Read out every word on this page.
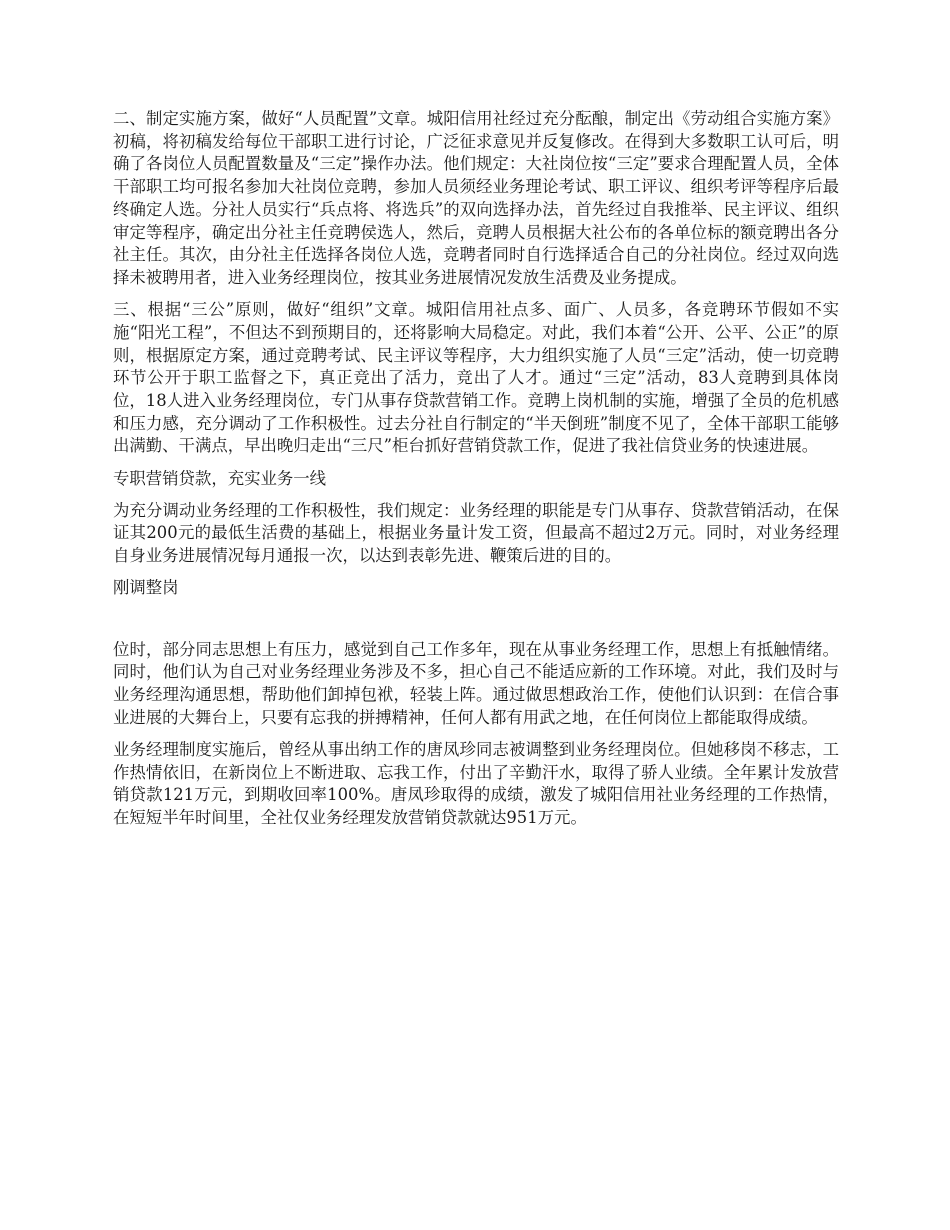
二、制定实施方案，做好“人员配置”文章。城阳信用社经过充分酝酿，制定出《劳动组合实施方案》初稿，将初稿发给每位干部职工进行讨论，广泛征求意见并反复修改。在得到大多数职工认可后，明确了各岗位人员配置数量及“三定”操作办法。他们规定：大社岗位按“三定”要求合理配置人员，全体干部职工均可报名参加大社岗位竞聘，参加人员须经业务理论考试、职工评议、组织考评等程序后最终确定人选。分社人员实行“兵点将、将选兵”的双向选择办法，首先经过自我推举、民主评议、组织审定等程序，确定出分社主任竞聘侯选人，然后，竞聘人员根据大社公布的各单位标的额竞聘出各分社主任。其次，由分社主任选择各岗位人选，竞聘者同时自行选择适合自己的分社岗位。经过双向选择未被聘用者，进入业务经理岗位，按其业务进展情况发放生活费及业务提成。

三、根据“三公”原则，做好“组织”文章。城阳信用社点多、面广、人员多，各竞聘环节假如不实施“阳光工程”，不但达不到预期目的，还将影响大局稳定。对此，我们本着“公开、公平、公正”的原则，根据原定方案，通过竞聘考试、民主评议等程序，大力组织实施了人员“三定”活动，使一切竞聘环节公开于职工监督之下，真正竞出了活力，竞出了人才。通过“三定”活动，83人竞聘到具体岗位，18人进入业务经理岗位，专门从事存贷款营销工作。竞聘上岗机制的实施，增强了全员的危机感和压力感，充分调动了工作积极性。过去分社自行制定的“半天倒班”制度不见了，全体干部职工能够出满勤、干满点，早出晚归走出“三尺”柜台抓好营销贷款工作，促进了我社信贷业务的快速进展。

专职营销贷款，充实业务一线

为充分调动业务经理的工作积极性，我们规定：业务经理的职能是专门从事存、贷款营销活动，在保证其200元的最低生活费的基础上，根据业务量计发工资，但最高不超过2万元。同时，对业务经理自身业务进展情况每月通报一次，以达到表彰先进、鞭策后进的目的。

刚调整岗

位时，部分同志思想上有压力，感觉到自己工作多年，现在从事业务经理工作，思想上有抵触情绪。同时，他们认为自己对业务经理业务涉及不多，担心自己不能适应新的工作环境。对此，我们及时与业务经理沟通思想，帮助他们卸掉包袱，轻装上阵。通过做思想政治工作，使他们认识到：在信合事业进展的大舞台上，只要有忘我的拼搏精神，任何人都有用武之地，在任何岗位上都能取得成绩。

业务经理制度实施后，曾经从事出纳工作的唐凤珍同志被调整到业务经理岗位。但她移岗不移志，工作热情依旧，在新岗位上不断进取、忘我工作，付出了辛勤汗水，取得了骄人业绩。全年累计发放营销贷款121万元，到期收回率100%。唐凤珍取得的成绩，激发了城阳信用社业务经理的工作热情，在短短半年时间里，全社仅业务经理发放营销贷款就达951万元。
